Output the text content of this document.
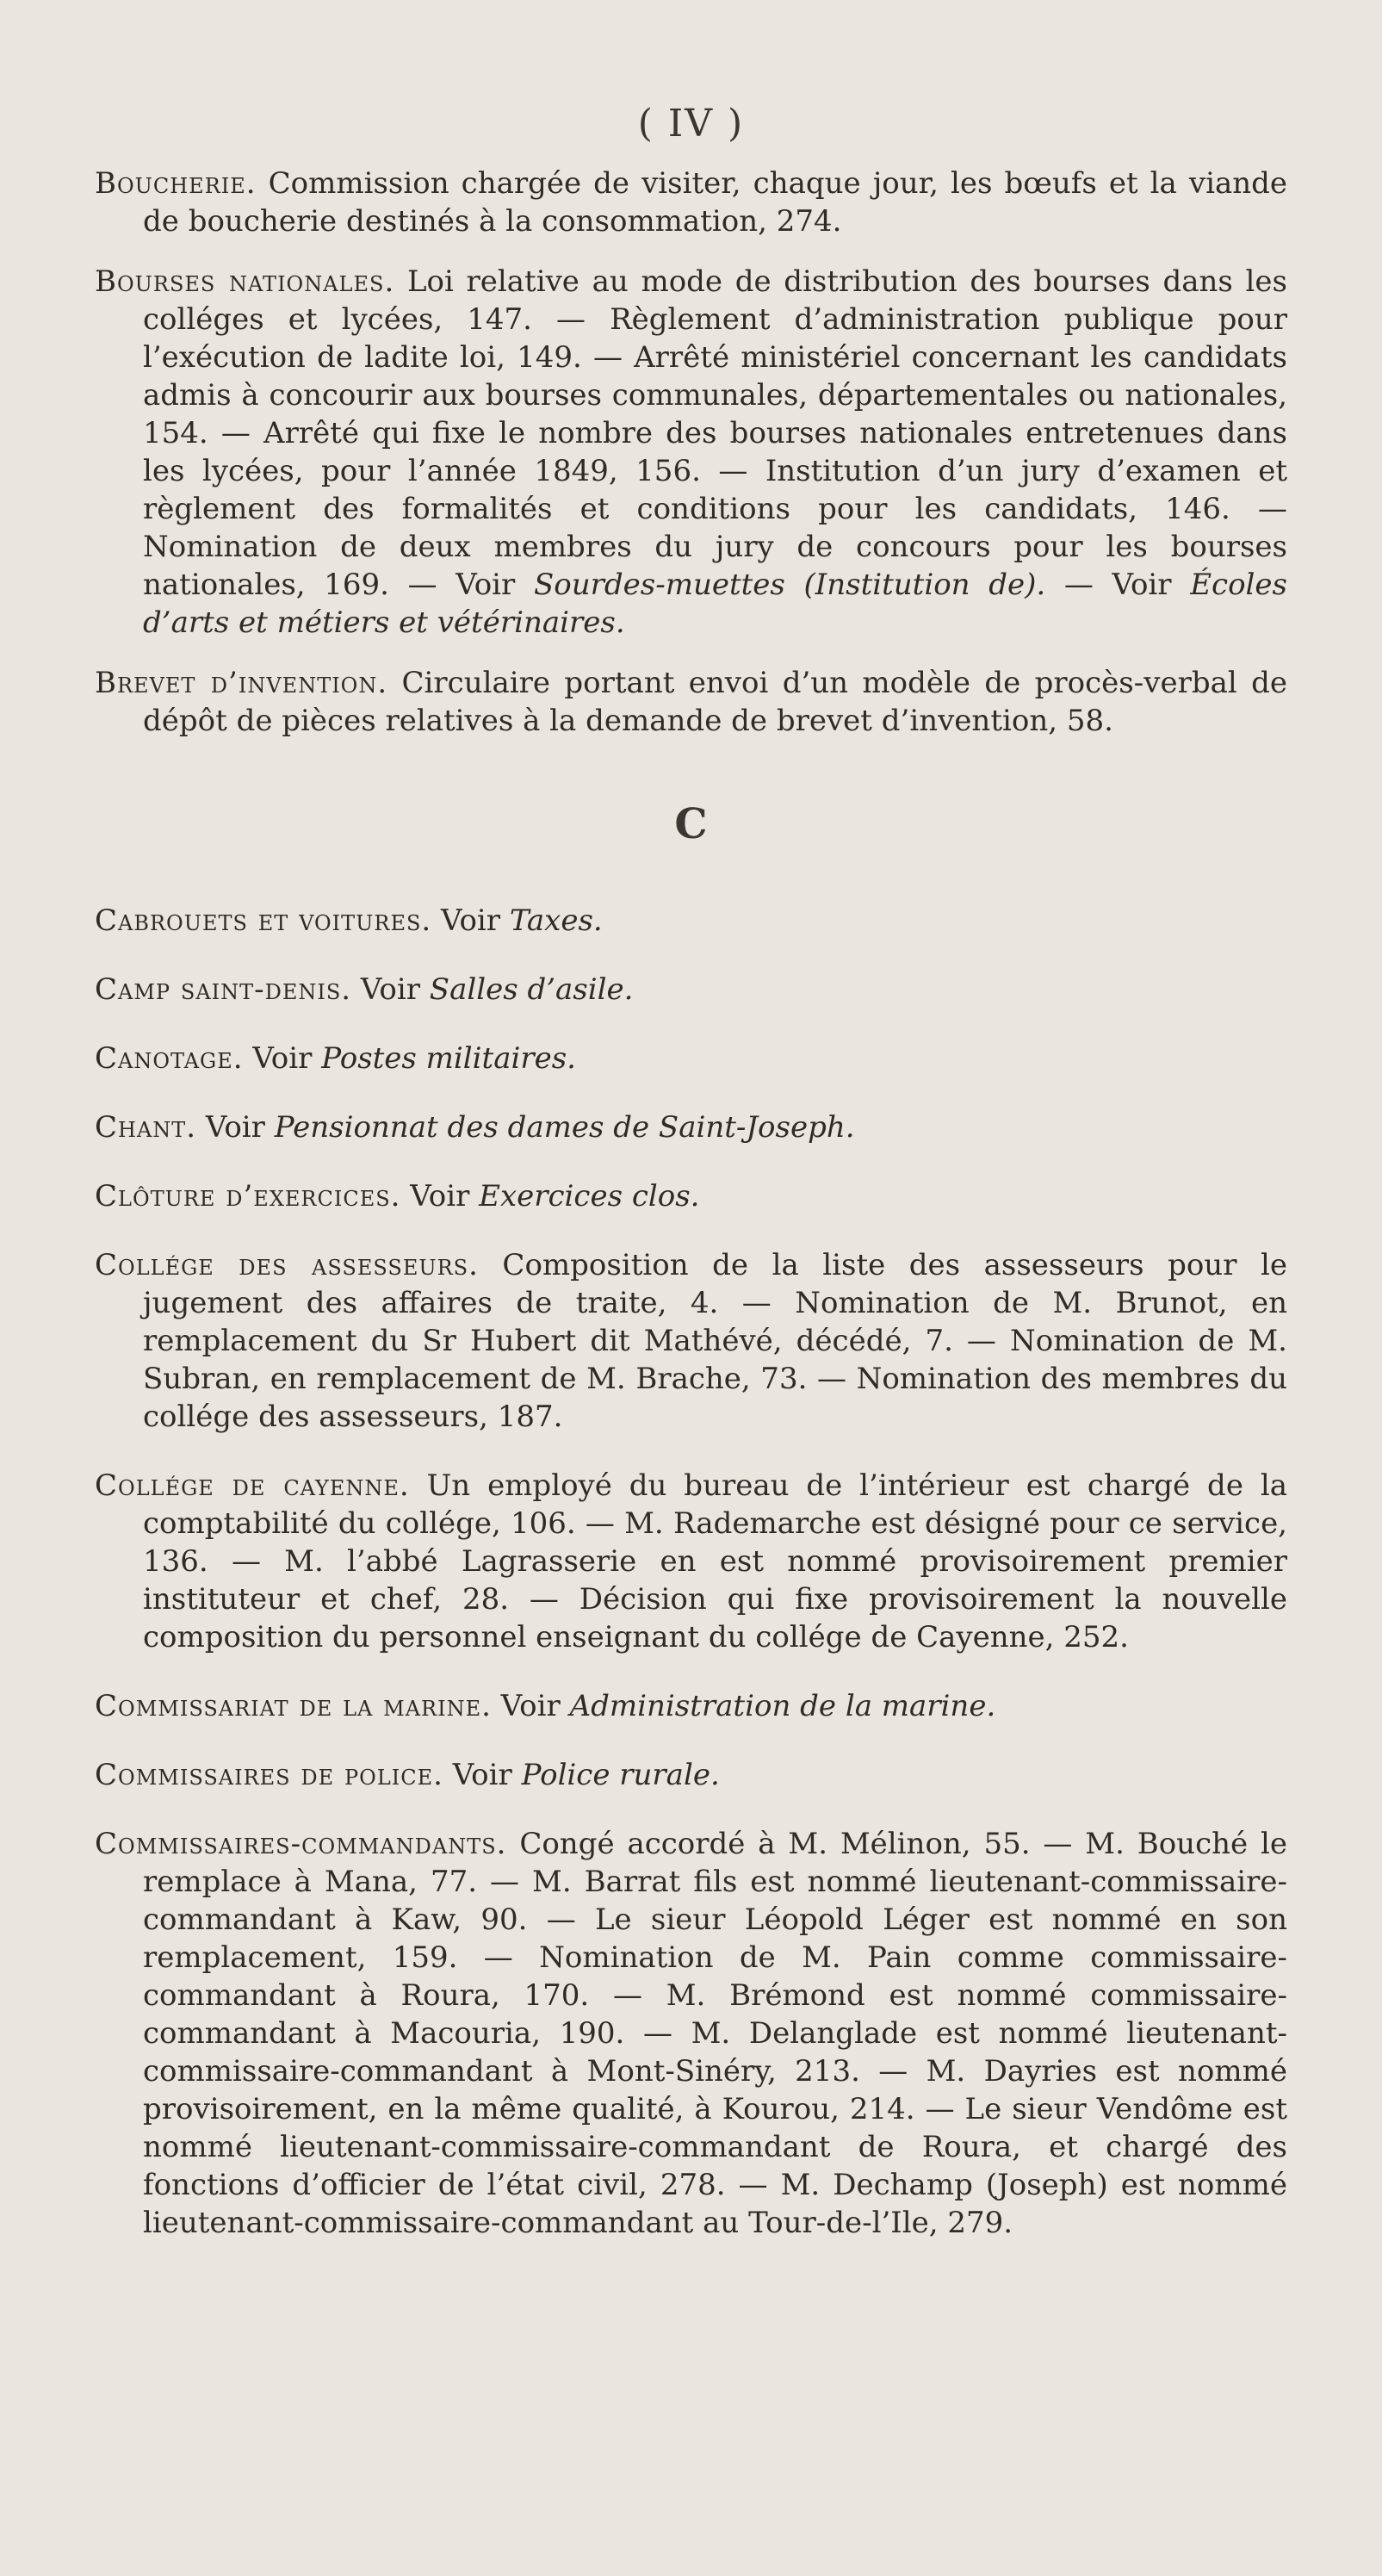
( IV )

Boucherie. Commission chargée de visiter, chaque jour, les bœufs et la viande de boucherie destinés à la consommation, 274.

Bourses nationales. Loi relative au mode de distribution des bourses dans les colléges et lycées, 147. — Règlement d’administration publique pour l’exécution de ladite loi, 149. — Arrêté ministériel concernant les candidats admis à concourir aux bourses communales, départementales ou nationales, 154. — Arrêté qui fixe le nombre des bourses nationales entretenues dans les lycées, pour l’année 1849, 156. — Institution d’un jury d’examen et règlement des formalités et conditions pour les candidats, 146. — Nomination de deux membres du jury de concours pour les bourses nationales, 169. — Voir Sourdes-muettes (Institution de). — Voir Écoles d’arts et métiers et vétérinaires.

Brevet d’invention. Circulaire portant envoi d’un modèle de procès-verbal de dépôt de pièces relatives à la demande de brevet d’invention, 58.

C

Cabrouets et voitures. Voir Taxes.

Camp saint-denis. Voir Salles d’asile.

Canotage. Voir Postes militaires.

Chant. Voir Pensionnat des dames de Saint-Joseph.

Clôture d’exercices. Voir Exercices clos.

Collége des assesseurs. Composition de la liste des assesseurs pour le jugement des affaires de traite, 4. — Nomination de M. Brunot, en remplacement du Sr Hubert dit Mathévé, décédé, 7. — Nomination de M. Subran, en remplacement de M. Brache, 73. — Nomination des membres du collége des assesseurs, 187.

Collége de cayenne. Un employé du bureau de l’intérieur est chargé de la comptabilité du collége, 106. — M. Rademarche est désigné pour ce service, 136. — M. l’abbé Lagrasserie en est nommé provisoirement premier instituteur et chef, 28. — Décision qui fixe provisoirement la nouvelle composition du personnel enseignant du collége de Cayenne, 252.

Commissariat de la marine. Voir Administration de la marine.

Commissaires de police. Voir Police rurale.

Commissaires-commandants. Congé accordé à M. Mélinon, 55. — M. Bouché le remplace à Mana, 77. — M. Barrat fils est nommé lieutenant-commissaire-commandant à Kaw, 90. — Le sieur Léopold Léger est nommé en son remplacement, 159. — Nomination de M. Pain comme commissaire-commandant à Roura, 170. — M. Brémond est nommé commissaire-commandant à Macouria, 190. — M. Delanglade est nommé lieutenant-commissaire-commandant à Mont-Sinéry, 213. — M. Dayries est nommé provisoirement, en la même qualité, à Kourou, 214. — Le sieur Vendôme est nommé lieutenant-commissaire-commandant de Roura, et chargé des fonctions d’officier de l’état civil, 278. — M. Dechamp (Joseph) est nommé lieutenant-commissaire-commandant au Tour-de-l’Ile, 279.
